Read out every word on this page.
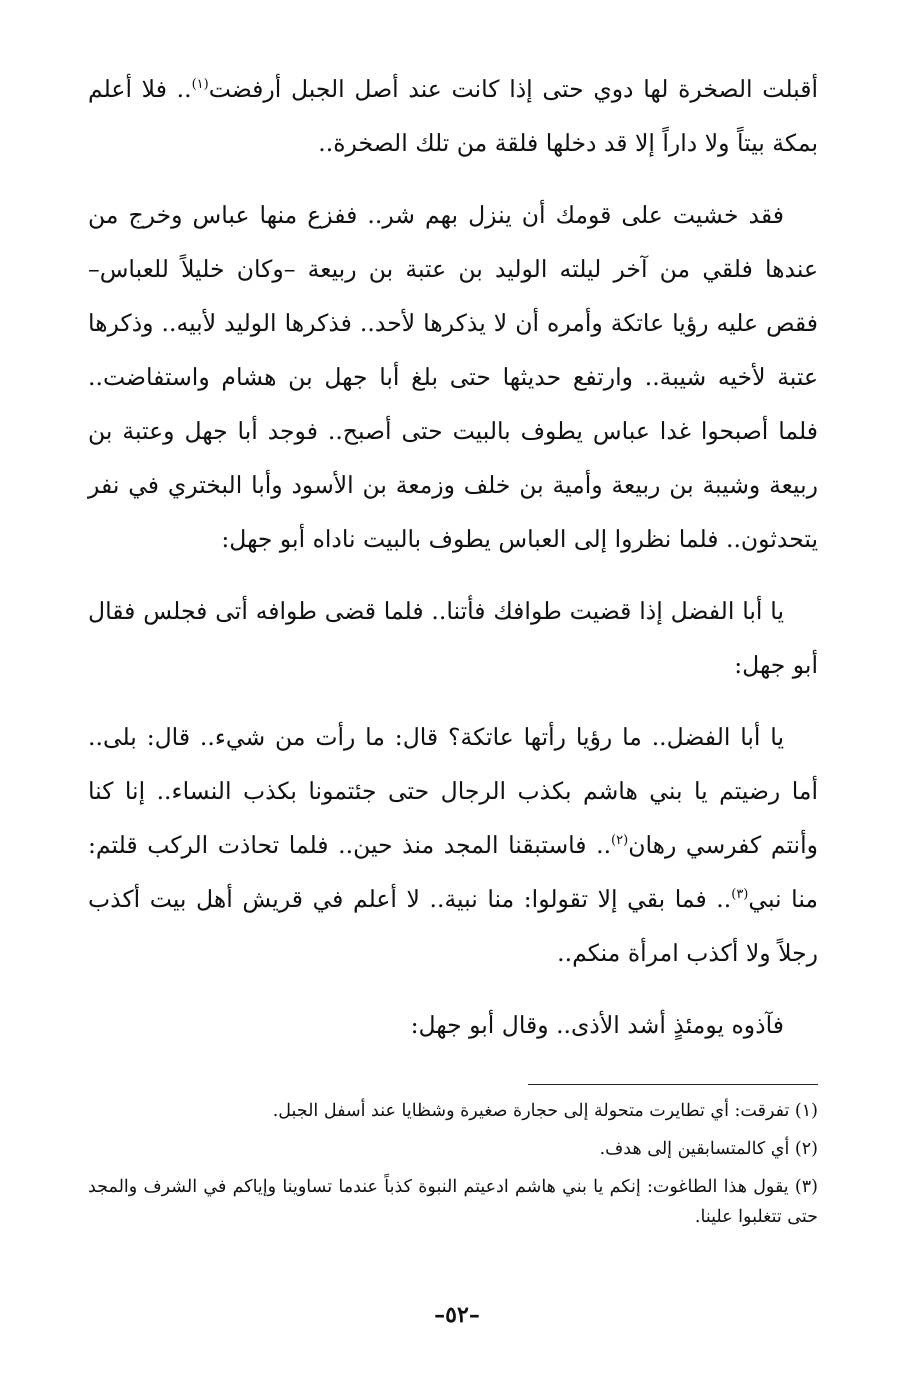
أقبلت الصخرة لها دوي حتى إذا كانت عند أصل الجبل أرفضت$^{(١)}$.. فلا أعلم بمكة بيتاً ولا داراً إلا قد دخلها فلقة من تلك الصخرة..

فقد خشيت على قومك أن ينزل بهم شر.. ففزع منها عباس وخرج من عندها فلقي من آخر ليلته الوليد بن عتبة بن ربيعة –وكان خليلاً للعباس– فقص عليه رؤيا عاتكة وأمره أن لا يذكرها لأحد.. فذكرها الوليد لأبيه.. وذكرها عتبة لأخيه شيبة.. وارتفع حديثها حتى بلغ أبا جهل بن هشام واستفاضت.. فلما أصبحوا غدا عباس يطوف بالبيت حتى أصبح.. فوجد أبا جهل وعتبة بن ربيعة وشيبة بن ربيعة وأمية بن خلف وزمعة بن الأسود وأبا البختري في نفر يتحدثون.. فلما نظروا إلى العباس يطوف بالبيت ناداه أبو جهل:

يا أبا الفضل إذا قضيت طوافك فأتنا.. فلما قضى طوافه أتى فجلس فقال أبو جهل:

يا أبا الفضل.. ما رؤيا رأتها عاتكة؟ قال: ما رأت من شيء.. قال: بلى.. أما رضيتم يا بني هاشم بكذب الرجال حتى جئتمونا بكذب النساء.. إنا كنا وأنتم كفرسي رهان$^{(٢)}$.. فاستبقنا المجد منذ حين.. فلما تحاذت الركب قلتم: منا نبي$^{(٣)}$.. فما بقي إلا تقولوا: منا نبية.. لا أعلم في قريش أهل بيت أكذب رجلاً ولا أكذب امرأة منكم..

فآذوه يومئذٍ أشد الأذى.. وقال أبو جهل:

(١) تفرقت: أي تطايرت متحولة إلى حجارة صغيرة وشظايا عند أسفل الجبل.

(٢) أي كالمتسابقين إلى هدف.

(٣) يقول هذا الطاغوت: إنكم يا بني هاشم ادعيتم النبوة كذباً عندما تساوينا وإياكم في الشرف والمجد حتى تتغلبوا علينا.

–٥٢–
